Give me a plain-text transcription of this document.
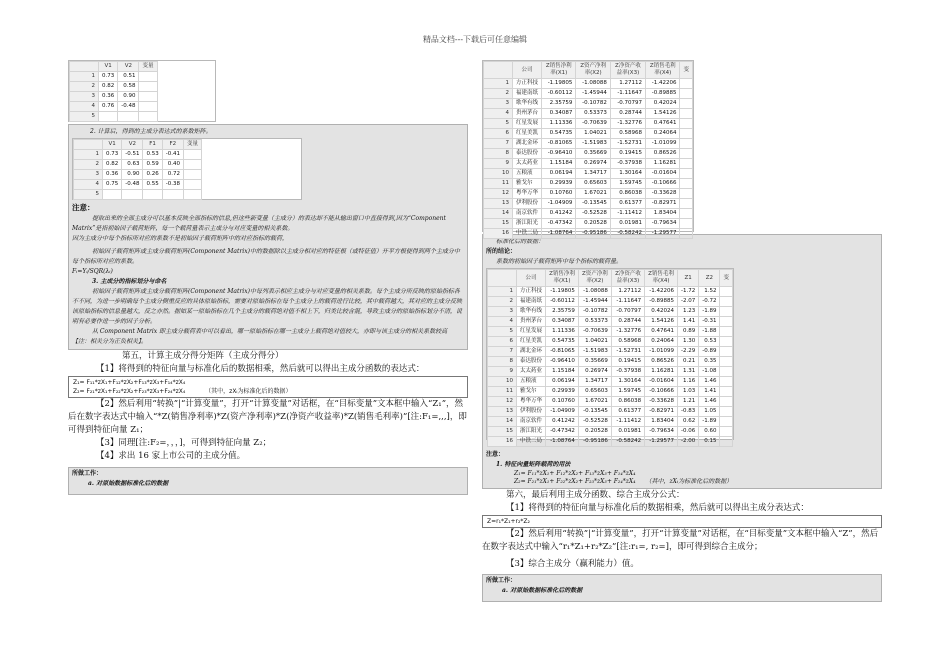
精品文档---下载后可任意编辑
	V1	V2	变量
1	0.73	0.51	
2	0.82	0.58	
3	0.36	0.90	
4	0.76	-0.48	
5			

2. 计算后，得到的主成分表达式的系数矩阵。

	V1	V2	F1	F2	变量
1	0.73	-0.51	0.53	-0.41	
2	0.82	0.63	0.59	0.40	
3	0.36	0.90	0.26	0.72	
4	0.75	-0.48	0.55	-0.38	
5					

注意：

提取出来的全部主成分可以基本反映全部指标的信息,但这些新变量（主成分）的表达却不能从输出窗口中直接得到,因为“Component Matrix”是指初始因子载荷矩阵，每一个载荷量表示主成分与对应变量的相关系数。

因为主成分中每个指标所对应的系数不是初始因子载荷矩阵中的对应指标的载荷，

初始因子载荷矩阵或主成分载荷矩阵(Component Matrix)中的数据除以主成分相对应的特征根（或特征值）开平方根便得到两个主成分中每个指标所对应的系数。

Fᵢ=Yᵢ/SQR(λᵢ)

3. 主成分的指标划分与命名

初始因子载荷矩阵或主成分载荷矩阵(Component Matrix)中每列表示相应主成分与对应变量的相关系数。每个主成分所反映的原始指标各不不同，为进一步明确每个主成分侧重反应的具体原始指标，需要对原始指标在每个主成分上的载荷进行比较，其中载荷越大，其对应的主成分反映该原始指标的信息量越大，反之亦然。据如某一原始指标在几个主成分的载荷绝对值不相上下，归类比较含混，导致主成分的原始指标划分不清，说明有必要作进一步的因子分析。

从 Component Matrix 即主成分载荷表中可以看出，哪一原始指标在哪一主成分上载荷绝对值较大，亦即与该主成分的相关系数较高【注：相关分为正负相关】。

第五，计算主成分得分矩阵（主成分得分）

【1】将得到的特征向量与标准化后的数据相乘，然后就可以得出主成分函数的表达式：

Z₁= F₁₁*zX₁+F₁₂*zX₂+F₁₃*zX₃+F₁₄*zX₄
Z₂= F₂₁*zX₁+F₂₂*zX₂+F₂₃*zX₃+F₂₄*zX₄	（其中，zXᵢ为标准化后的数据）

【2】然后利用“转换”|“计算变量”，打开“计算变量”对话框，在“目标变量”文本框中输入“Z₁”，然后在数字表达式中输入“*Z(销售净利率)*Z(资产净利率)*Z(净资产收益率)*Z(销售毛利率)”[注:F₁=,,,]，即可得到特征向量 Z₁；

【3】同理[注:F₂=，，，]，可得到特征向量 Z₂；

【4】求出 16 家上市公司的主成分值。

所做工作：

a. 对原始数据标准化后的数据

	公司	Z销售净利率(X1)	Z资产净利率(X2)	Z净资产收益率(X3)	Z销售毛利率(X4)	变
1	方正科技	-1.19805	-1.08088	1.27112	-1.42206	
2	福建南纸	-0.60112	-1.45944	-1.11647	-0.89885	
3	歌华有线	2.35759	-0.10782	-0.70797	0.42024	
4	贵州茅台	0.34087	0.53373	0.28744	1.54126	
5	红星发展	1.11336	-0.70639	-1.32776	0.47641	
6	红星美凯	0.54735	1.04021	0.58968	0.24064	
7	湖北金环	-0.81065	-1.51983	-1.52731	-1.01099	
8	泰达股份	-0.96410	0.35669	0.19415	0.86526	
9	太太药业	1.15184	0.26974	-0.37938	1.16281	
10	五粮液	0.06194	1.34717	1.30164	-0.01604	
11	雅戈尔	0.29939	0.65603	1.59745	-0.10666	
12	粤华万华	0.10760	1.67021	0.86038	-0.33628	
13	伊利股份	-1.04909	-0.13545	0.61377	-0.82971	
14	南京软件	0.41242	-0.52528	-1.11412	1.83404	
15	浙江阳光	-0.47342	0.20528	0.01981	-0.79634	
16	中铁二局	-1.08764	-0.95186	-0.58242	-1.29577	

标准化后的数据：

所的结论：

系数的初始因子载荷矩阵中每个指标的载荷量。

	公司	Z销售净利率(X1)	Z资产净利率(X2)	Z净资产收益率(X3)	Z销售毛利率(X4)	Z1	Z2	变
1	方正科技	-1.19805	-1.08088	1.27112	-1.42206	-1.72	1.52	
2	福建南纸	-0.60112	-1.45944	-1.11647	-0.89885	-2.07	-0.72	
3	歌华有线	2.35759	-0.10782	-0.70797	0.42024	1.23	-1.89	
4	贵州茅台	0.34087	0.53373	0.28744	1.54126	1.41	-0.31	
5	红星发展	1.11336	-0.70639	-1.32776	0.47641	0.89	-1.88	
6	红星美凯	0.54735	1.04021	0.58968	0.24064	1.30	0.53	
7	湖北金环	-0.81065	-1.51983	-1.52731	-1.01099	-2.29	-0.89	
8	泰达股份	-0.96410	0.35669	0.19415	0.86526	0.21	0.35	
9	太太药业	1.15184	0.26974	-0.37938	1.16281	1.31	-1.08	
10	五粮液	0.06194	1.34717	1.30164	-0.01604	1.16	1.46	
11	雅戈尔	0.29939	0.65603	1.59745	-0.10666	1.03	1.41	
12	粤华万华	0.10760	1.67021	0.86038	-0.33628	1.21	1.46	
13	伊利股份	-1.04909	-0.13545	0.61377	-0.82971	-0.83	1.05	
14	南京软件	0.41242	-0.52528	-1.11412	1.83404	0.62	-1.89	
15	浙江阳光	-0.47342	0.20528	0.01981	-0.79634	-0.06	0.60	
16	中铁二局	-1.08764	-0.95186	-0.58242	-1.29577	-2.00	0.15	

注意：

1. 特征向量矩阵载荷的用法

Z₁= F₁₁*zX₁+ F₁₂*zX₂+ F₁₃*zX₃+ F₁₄*zX₄
Z₂= F₂₁*zX₁+ F₂₂*zX₂+ F₂₃*zX₃+ F₂₄*zX₄ （其中，zXᵢ为标准化后的数据）

第六，最后利用主成分函数、综合主成分公式：

【1】将得到的特征向量与标准化后的数据相乘，然后就可以得出主成分表达式：

Z=r₁*Z₁+r₂*Z₂

【2】然后利用“转换”|“计算变量”，打开“计算变量”对话框，在“目标变量”文本框中输入“Z”，然后在数字表达式中输入“r₁*Z₁+r₂*Z₂”[注:r₁=, r₂=]，即可得到综合主成分；

【3】综合主成分（赢利能力）值。

所做工作：

a. 对原始数据标准化后的数据
